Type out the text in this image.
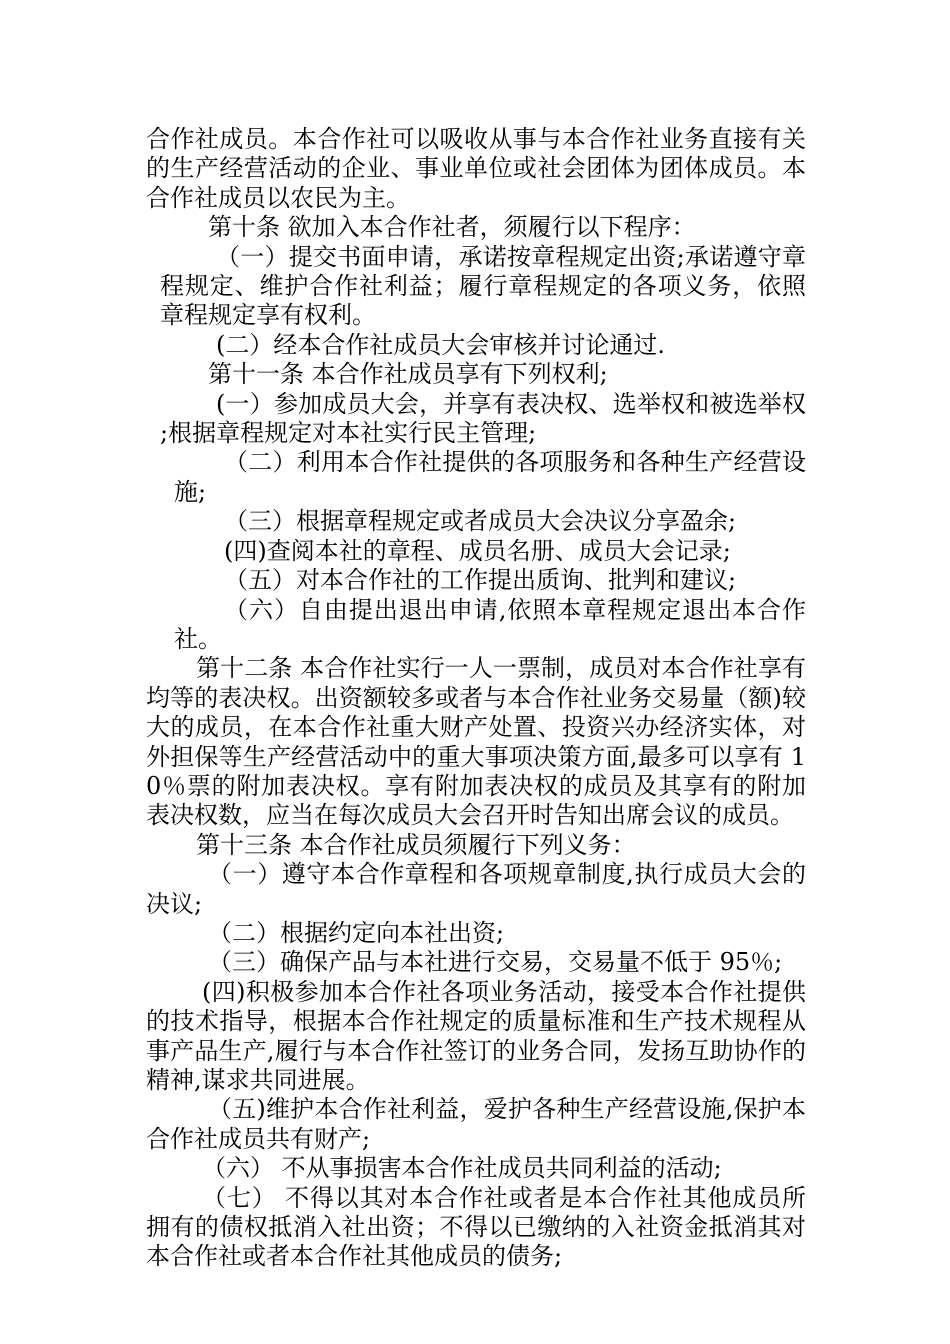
合作社成员。本合作社可以吸收从事与本合作社业务直接有关的生产经营活动的企业、事业单位或社会团体为团体成员。本合作社成员以农民为主。

第十条 欲加入本合作社者，须履行以下程序：

（一）提交书面申请，承诺按章程规定出资;承诺遵守章程规定、维护合作社利益；履行章程规定的各项义务，依照章程规定享有权利。

(二）经本合作社成员大会审核并讨论通过.

第十一条 本合作社成员享有下列权利;

(一）参加成员大会，并享有表决权、选举权和被选举权;根据章程规定对本社实行民主管理;

（二）利用本合作社提供的各项服务和各种生产经营设施;

（三）根据章程规定或者成员大会决议分享盈余;

(四)查阅本社的章程、成员名册、成员大会记录;

（五）对本合作社的工作提出质询、批判和建议;

（六）自由提出退出申请,依照本章程规定退出本合作社。

第十二条 本合作社实行一人一票制，成员对本合作社享有均等的表决权。出资额较多或者与本合作社业务交易量（额)较大的成员，在本合作社重大财产处置、投资兴办经济实体，对外担保等生产经营活动中的重大事项决策方面,最多可以享有 10％票的附加表决权。享有附加表决权的成员及其享有的附加表决权数，应当在每次成员大会召开时告知出席会议的成员。

第十三条 本合作社成员须履行下列义务：

（一）遵守本合作章程和各项规章制度,执行成员大会的决议;

（二）根据约定向本社出资;

（三）确保产品与本社进行交易，交易量不低于 95％;

(四)积极参加本合作社各项业务活动，接受本合作社提供的技术指导，根据本合作社规定的质量标准和生产技术规程从事产品生产,履行与本合作社签订的业务合同，发扬互助协作的精神,谋求共同进展。

（五)维护本合作社利益，爱护各种生产经营设施,保护本合作社成员共有财产;

（六） 不从事损害本合作社成员共同利益的活动;

（七） 不得以其对本合作社或者是本合作社其他成员所拥有的债权抵消入社出资；不得以已缴纳的入社资金抵消其对本合作社或者本合作社其他成员的债务;
